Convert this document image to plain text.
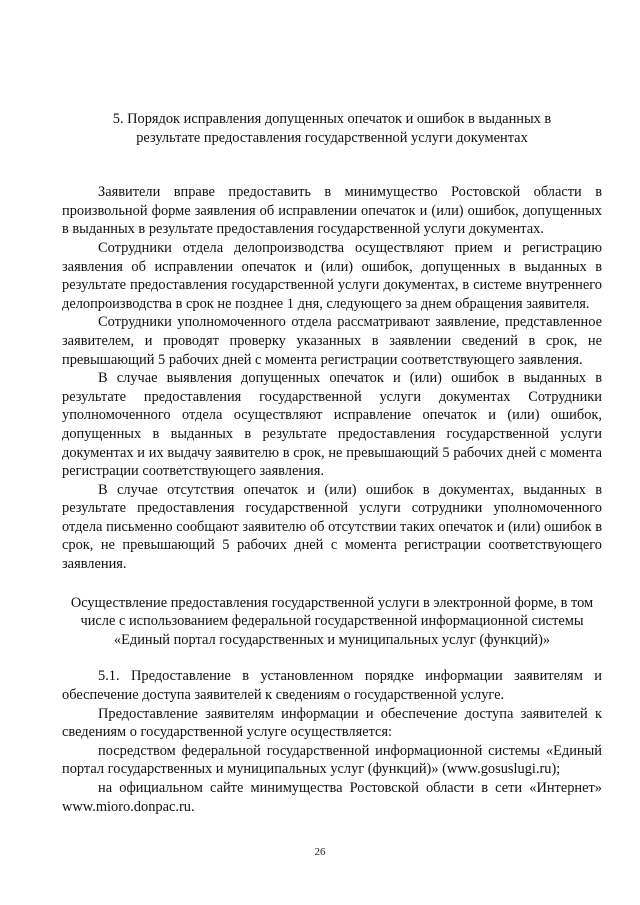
5. Порядок исправления допущенных опечаток и ошибок в выданных в результате предоставления государственной услуги документах

Заявители вправе предоставить в минимущество Ростовской области в произвольной форме заявления об исправлении опечаток и (или) ошибок, допущенных в выданных в результате предоставления государственной услуги документах.

Сотрудники отдела делопроизводства осуществляют прием и регистрацию заявления об исправлении опечаток и (или) ошибок, допущенных в выданных в результате предоставления государственной услуги документах, в системе внутреннего делопроизводства в срок не позднее 1 дня, следующего за днем обращения заявителя.

Сотрудники уполномоченного отдела рассматривают заявление, представленное заявителем, и проводят проверку указанных в заявлении сведений в срок, не превышающий 5 рабочих дней с момента регистрации соответствующего заявления.

В случае выявления допущенных опечаток и (или) ошибок в выданных в результате предоставления государственной услуги документах Сотрудники уполномоченного отдела осуществляют исправление опечаток и (или) ошибок, допущенных в выданных в результате предоставления государственной услуги документах и их выдачу заявителю в срок, не превышающий 5 рабочих дней с момента регистрации соответствующего заявления.

В случае отсутствия опечаток и (или) ошибок в документах, выданных в результате предоставления государственной услуги сотрудники уполномоченного отдела письменно сообщают заявителю об отсутствии таких опечаток и (или) ошибок в срок, не превышающий 5 рабочих дней с момента регистрации соответствующего заявления.

Осуществление предоставления государственной услуги в электронной форме, в том числе с использованием федеральной государственной информационной системы «Единый портал государственных и муниципальных услуг (функций)»

5.1. Предоставление в установленном порядке информации заявителям и обеспечение доступа заявителей к сведениям о государственной услуге.

Предоставление заявителям информации и обеспечение доступа заявителей к сведениям о государственной услуге осуществляется:

посредством федеральной государственной информационной системы «Единый портал государственных и муниципальных услуг (функций)» (www.gosuslugi.ru);

на официальном сайте минимущества Ростовской области в сети «Интернет» www.mioro.donpac.ru.

26
